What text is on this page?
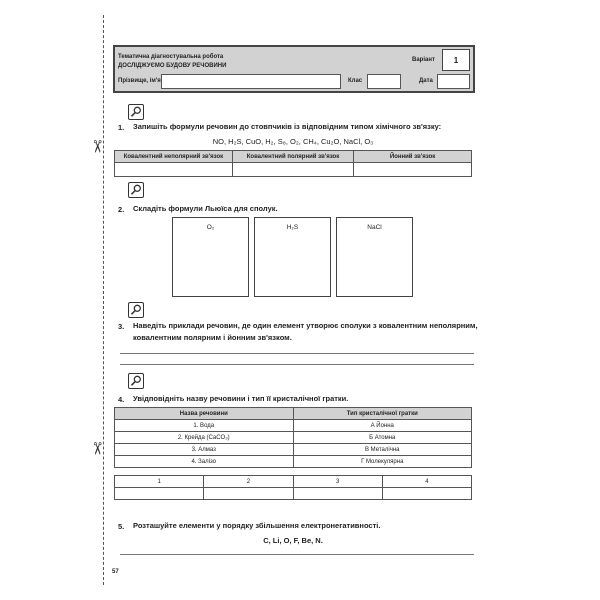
✂
✂
Тематична діагностувальна робота
ДОСЛІДЖУЄМО БУДОВУ РЕЧОВИНИ
Варіант	1
Прізвище, ім'я	Клас	Дата
1. Запишіть формули речовин до стовпчиків із відповідним типом хімічного зв'язку:
NO, H₂S, CuO, H₂, S₈, O₂, CH₄, Cu₂O, NaCl, O₃
Ковалентний неполярний зв'язок	Ковалентний полярний зв'язок	Йонний зв'язок

2. Складіть формули Льюїса для сполук.
O₂	H₂S	NaCl
3. Наведіть приклади речовин, де один елемент утворює сполуки з ковалентним неполярним,
ковалентним полярним і йонним зв'язком.
4. Увідповідніть назву речовини і тип її кристалічної гратки.
Назва речовини	Тип кристалічної гратки
1. Вода	А Йонна
2. Крейда (CaCO₃)	Б Атомна
3. Алмаз	В Металічна
4. Залізо	Г Молекулярна
1	2	3	4

5. Розташуйте елементи у порядку збільшення електронегативності.
C, Li, O, F, Be, N.
57
